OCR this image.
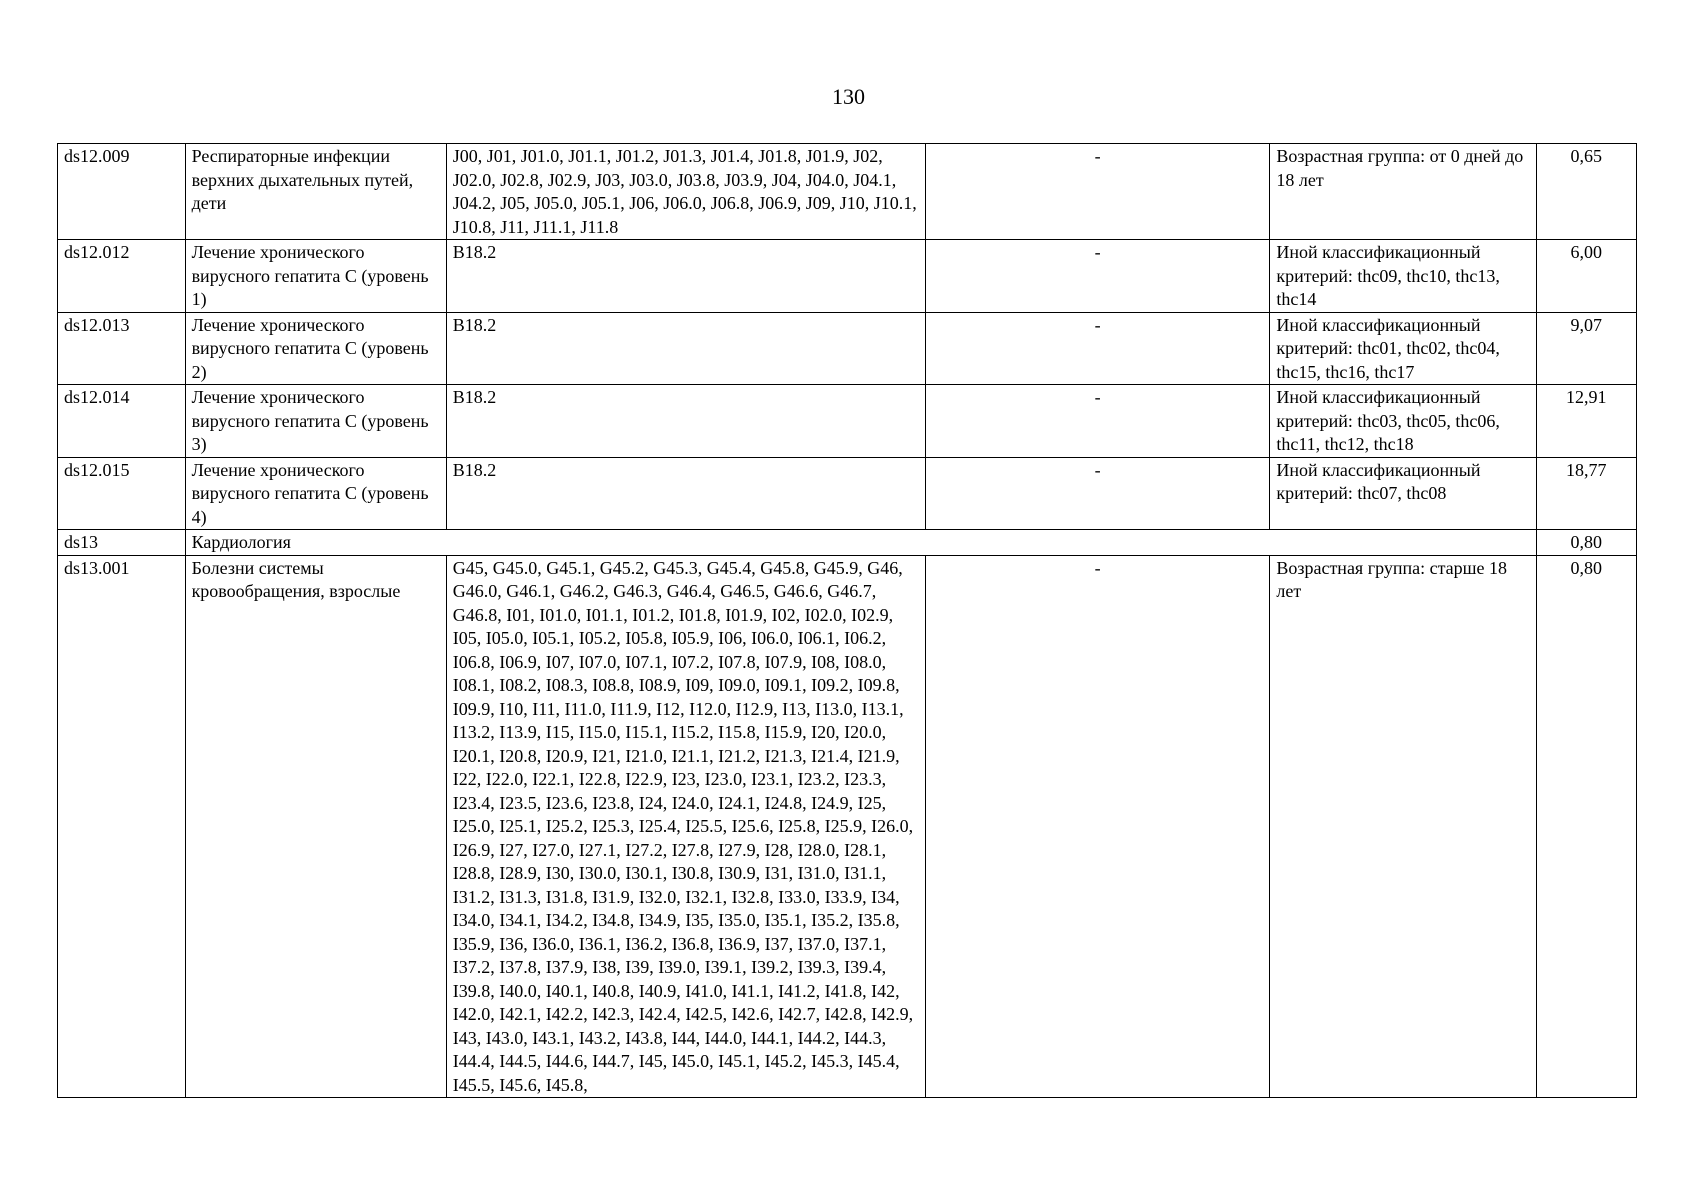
130
ds12.009	Респираторные инфекции верхних дыхательных путей, дети	J00, J01, J01.0, J01.1, J01.2, J01.3, J01.4, J01.8, J01.9, J02, J02.0, J02.8, J02.9, J03, J03.0, J03.8, J03.9, J04, J04.0, J04.1, J04.2, J05, J05.0, J05.1, J06, J06.0, J06.8, J06.9, J09, J10, J10.1, J10.8, J11, J11.1, J11.8	-	Возрастная группа: от 0 дней до 18 лет	0,65
ds12.012	Лечение хронического вирусного гепатита С (уровень 1)	B18.2	-	Иной классификационный критерий: thc09, thc10, thc13, thc14	6,00
ds12.013	Лечение хронического вирусного гепатита С (уровень 2)	B18.2	-	Иной классификационный критерий: thc01, thc02, thc04, thc15, thc16, thc17	9,07
ds12.014	Лечение хронического вирусного гепатита С (уровень 3)	B18.2	-	Иной классификационный критерий: thc03, thc05, thc06, thc11, thc12, thc18	12,91
ds12.015	Лечение хронического вирусного гепатита С (уровень 4)	B18.2	-	Иной классификационный критерий: thc07, thc08	18,77
ds13	Кардиология				0,80
ds13.001	Болезни системы кровообращения, взрослые	G45, G45.0, G45.1, G45.2, G45.3, G45.4, G45.8, G45.9, G46, G46.0, G46.1, G46.2, G46.3, G46.4, G46.5, G46.6, G46.7, G46.8, I01, I01.0, I01.1, I01.2, I01.8, I01.9, I02, I02.0, I02.9, I05, I05.0, I05.1, I05.2, I05.8, I05.9, I06, I06.0, I06.1, I06.2, I06.8, I06.9, I07, I07.0, I07.1, I07.2, I07.8, I07.9, I08, I08.0, I08.1, I08.2, I08.3, I08.8, I08.9, I09, I09.0, I09.1, I09.2, I09.8, I09.9, I10, I11, I11.0, I11.9, I12, I12.0, I12.9, I13, I13.0, I13.1, I13.2, I13.9, I15, I15.0, I15.1, I15.2, I15.8, I15.9, I20, I20.0, I20.1, I20.8, I20.9, I21, I21.0, I21.1, I21.2, I21.3, I21.4, I21.9, I22, I22.0, I22.1, I22.8, I22.9, I23, I23.0, I23.1, I23.2, I23.3, I23.4, I23.5, I23.6, I23.8, I24, I24.0, I24.1, I24.8, I24.9, I25, I25.0, I25.1, I25.2, I25.3, I25.4, I25.5, I25.6, I25.8, I25.9, I26.0, I26.9, I27, I27.0, I27.1, I27.2, I27.8, I27.9, I28, I28.0, I28.1, I28.8, I28.9, I30, I30.0, I30.1, I30.8, I30.9, I31, I31.0, I31.1, I31.2, I31.3, I31.8, I31.9, I32.0, I32.1, I32.8, I33.0, I33.9, I34, I34.0, I34.1, I34.2, I34.8, I34.9, I35, I35.0, I35.1, I35.2, I35.8, I35.9, I36, I36.0, I36.1, I36.2, I36.8, I36.9, I37, I37.0, I37.1, I37.2, I37.8, I37.9, I38, I39, I39.0, I39.1, I39.2, I39.3, I39.4, I39.8, I40.0, I40.1, I40.8, I40.9, I41.0, I41.1, I41.2, I41.8, I42, I42.0, I42.1, I42.2, I42.3, I42.4, I42.5, I42.6, I42.7, I42.8, I42.9, I43, I43.0, I43.1, I43.2, I43.8, I44, I44.0, I44.1, I44.2, I44.3, I44.4, I44.5, I44.6, I44.7, I45, I45.0, I45.1, I45.2, I45.3, I45.4, I45.5, I45.6, I45.8,	-	Возрастная группа: старше 18 лет	0,80
